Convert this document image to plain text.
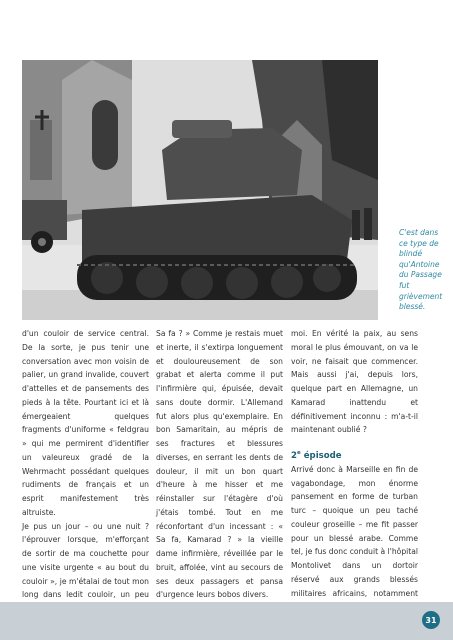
C'est dans ce type de blindé qu'Antoine du Passage fut grièvement blessé.

d'un couloir de service central. De la sorte, je pus tenir une conversation avec mon voisin de palier, un grand invalide, couvert d'attelles et de pansements des pieds à la tête. Pourtant ici et là émergeaient quelques fragments d'uniforme « feldgrau » qui me permirent d'identifier un valeureux gradé de la Wehrmacht possédant quelques rudiments de français et un esprit manifestement très altruiste.

Je pus un jour – ou une nuit ? l'éprouver lorsque, m'efforçant de sortir de ma couchette pour une visite urgente « au bout du couloir », je m'étalai de tout mon long dans ledit couloir, un peu

Sa fa ? » Comme je restais muet et inerte, il s'extirpa longuement et douloureusement de son grabat et alerta comme il put l'infirmière qui, épuisée, devait sans doute dormir. L'Allemand fut alors plus qu'exemplaire. En bon Samaritain, au mépris de ses fractures et blessures diverses, en serrant les dents de douleur, il mit un bon quart d'heure à me hisser et me réinstaller sur l'étagère d'où j'étais tombé. Tout en me réconfortant d'un incessant : « Sa fa, Kamarad ? » la vieille dame infirmière, réveillée par le bruit, affolée, vint au secours de ses deux passagers et pansa d'urgence leurs bobos divers.

moi. En vérité la paix, au sens moral le plus émouvant, on va le voir, ne faisait que commencer. Mais aussi j'ai, depuis lors, quelque part en Allemagne, un Kamarad inattendu et définitivement inconnu : m'a-t-il maintenant oublié ?

2e épisode

Arrivé donc à Marseille en fin de vagabondage, mon énorme pansement en forme de turban turc – quoique un peu taché couleur groseille – me fit passer pour un blessé arabe. Comme tel, je fus donc conduit à l'hôpital Montolivet dans un dortoir réservé aux grands blessés militaires africains, notamment

31
